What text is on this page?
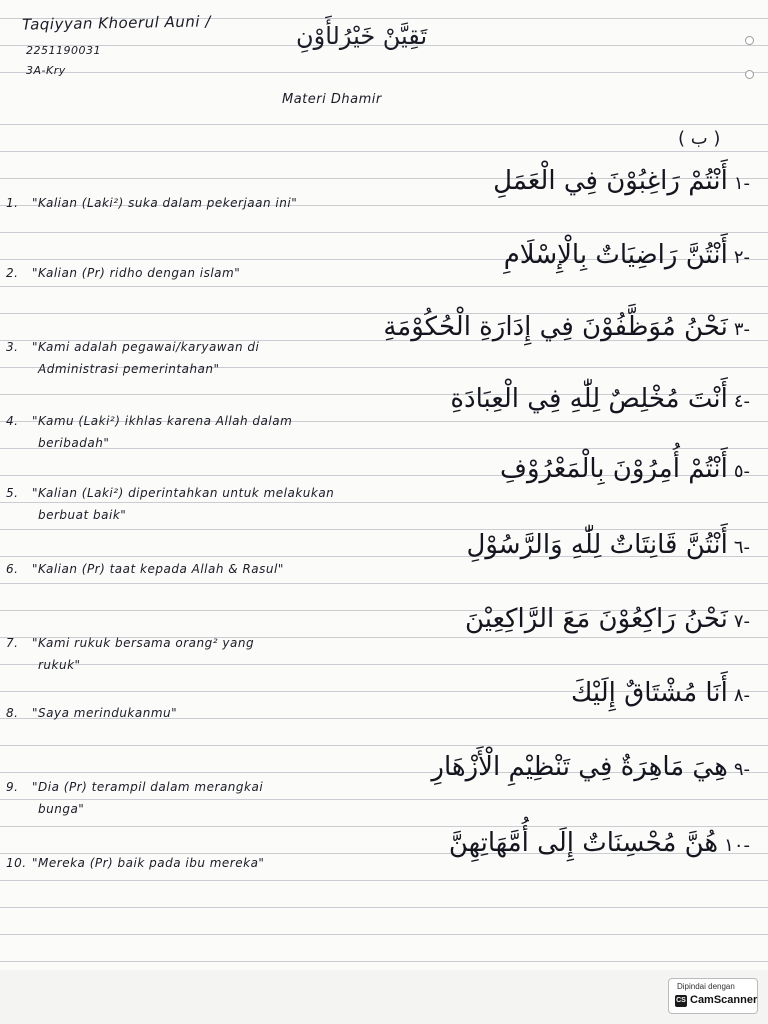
Taqiyyan Khoerul Auni /
2251190031
3A-Kry
تَقِيَّنْ خَيْرُلأَوْنِ
Materi Dhamir
( ب )
1. "Kalian (Laki²) suka dalam pekerjaan ini"
-١أَنْتُمْ رَاغِبُوْنَ فِي الْعَمَلِ
2. "Kalian (Pr) ridho dengan islam"
-٢أَنْتُنَّ رَاضِيَاتٌ بِالْإِسْلَامِ
3. "Kami adalah pegawai/karyawan di
Administrasi pemerintahan"
-٣نَحْنُ مُوَظَّفُوْنَ فِي إِدَارَةِ الْحُكُوْمَةِ
4. "Kamu (Laki²) ikhlas karena Allah dalam
beribadah"
-٤أَنْتَ مُخْلِصٌ لِلّٰهِ فِي الْعِبَادَةِ
5. "Kalian (Laki²) diperintahkan untuk melakukan
berbuat baik"
-٥أَنْتُمْ أُمِرُوْنَ بِالْمَعْرُوْفِ
6. "Kalian (Pr) taat kepada Allah & Rasul"
-٦أَنْتُنَّ قَانِتَاتٌ لِلّٰهِ وَالرَّسُوْلِ
7. "Kami rukuk bersama orang² yang
rukuk"
-٧نَحْنُ رَاكِعُوْنَ مَعَ الرَّاكِعِيْنَ
8. "Saya merindukanmu"
-٨أَنَا مُشْتَاقٌ إِلَيْكَ
9. "Dia (Pr) terampil dalam merangkai
bunga"
-٩هِيَ مَاهِرَةٌ فِي تَنْظِيْمِ الْأَزْهَارِ
10. "Mereka (Pr) baik pada ibu mereka"
-١٠هُنَّ مُحْسِنَاتٌ إِلَى أُمَّهَاتِهِنَّ
Dipindai dengan
CS CamScanner
